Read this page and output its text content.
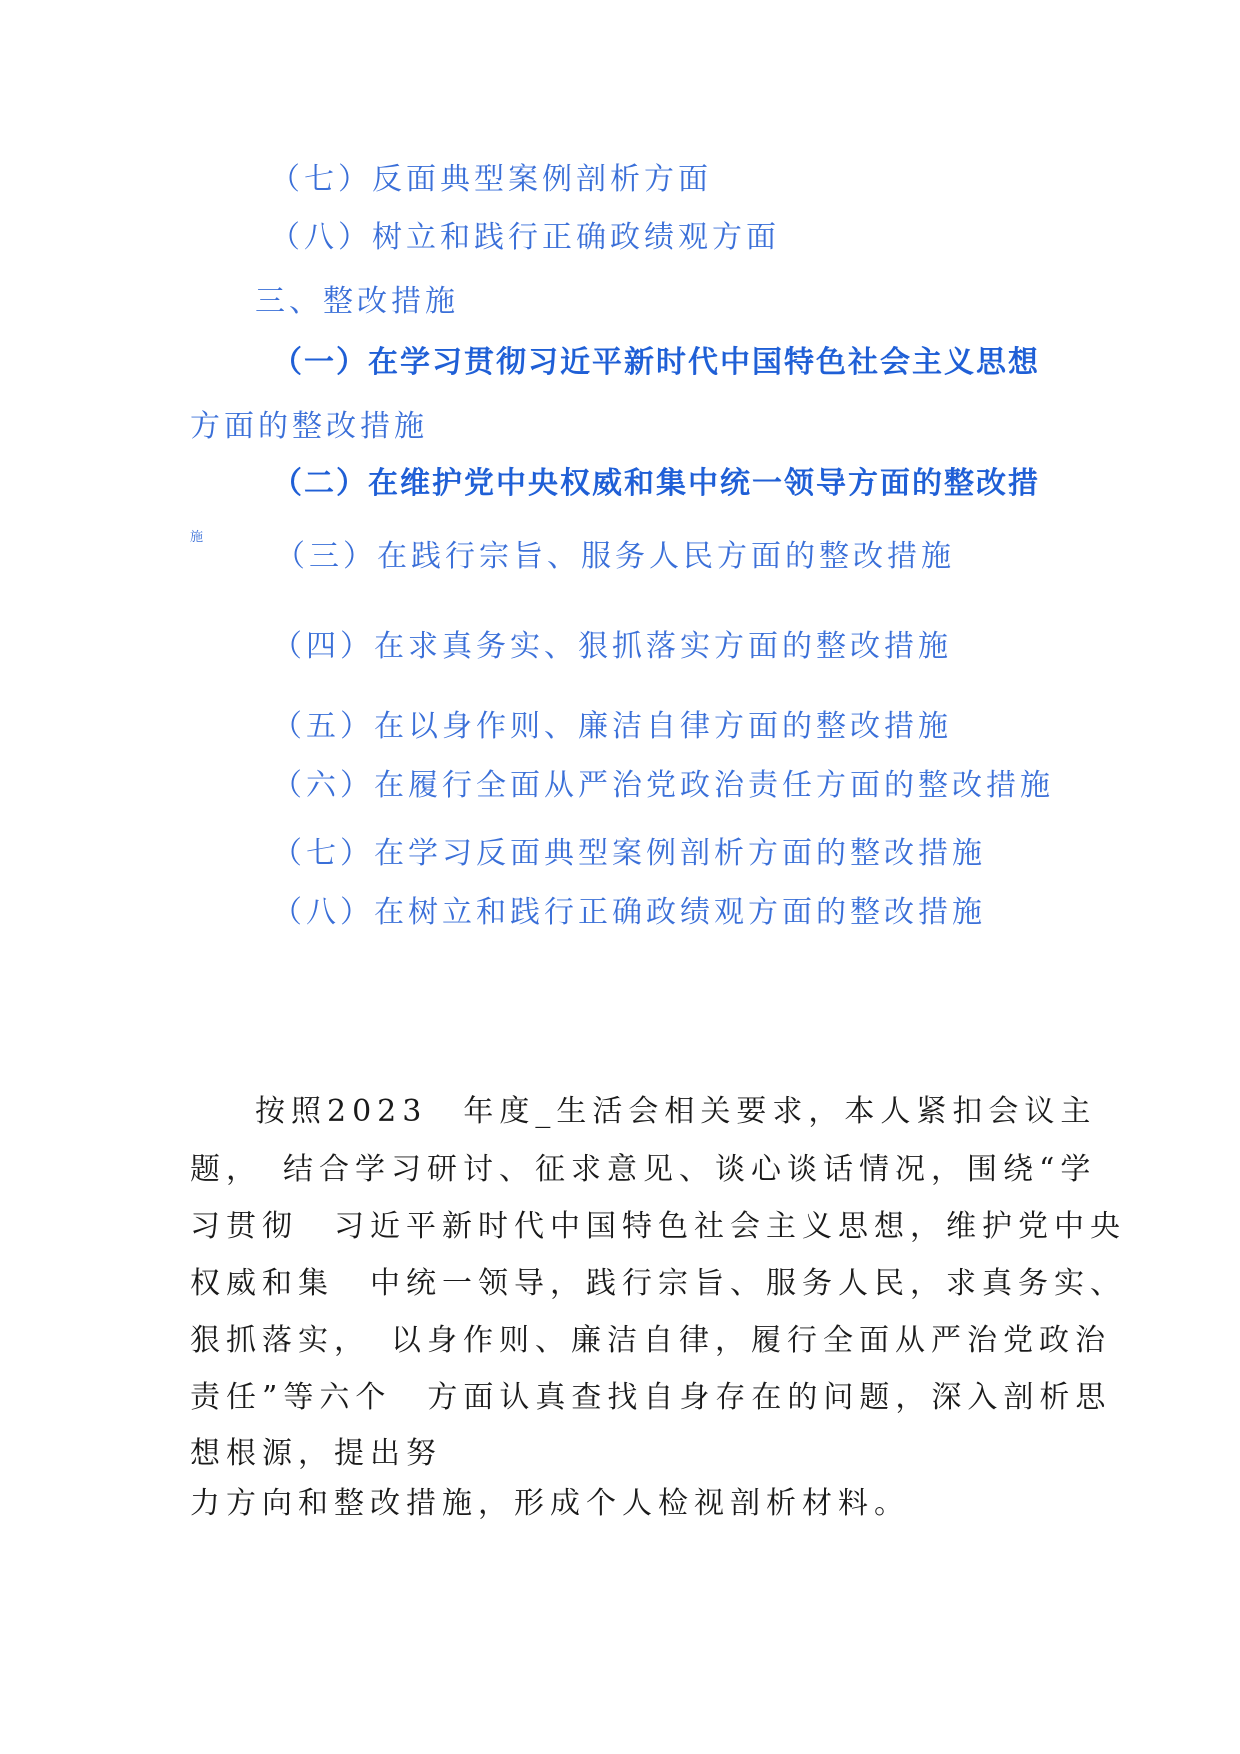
（七）反面典型案例剖析方面
（八）树立和践行正确政绩观方面
三、整改措施
（一）在学习贯彻习近平新时代中国特色社会主义思想
方面的整改措施
（二）在维护党中央权威和集中统一领导方面的整改措
施
（三）在践行宗旨、服务人民方面的整改措施
（四）在求真务实、狠抓落实方面的整改措施
（五）在以身作则、廉洁自律方面的整改措施
（六）在履行全面从严治党政治责任方面的整改措施
（七）在学习反面典型案例剖析方面的整改措施
（八）在树立和践行正确政绩观方面的整改措施
按照2023　年度_生活会相关要求，本人紧扣会议主
题，　结合学习研讨、征求意见、谈心谈话情况，围绕“学
习贯彻　习近平新时代中国特色社会主义思想，维护党中央
权威和集　中统一领导，践行宗旨、服务人民，求真务实、
狠抓落实，　以身作则、廉洁自律，履行全面从严治党政治
责任”等六个　方面认真查找自身存在的问题，深入剖析思
想根源，提出努
力方向和整改措施，形成个人检视剖析材料。
